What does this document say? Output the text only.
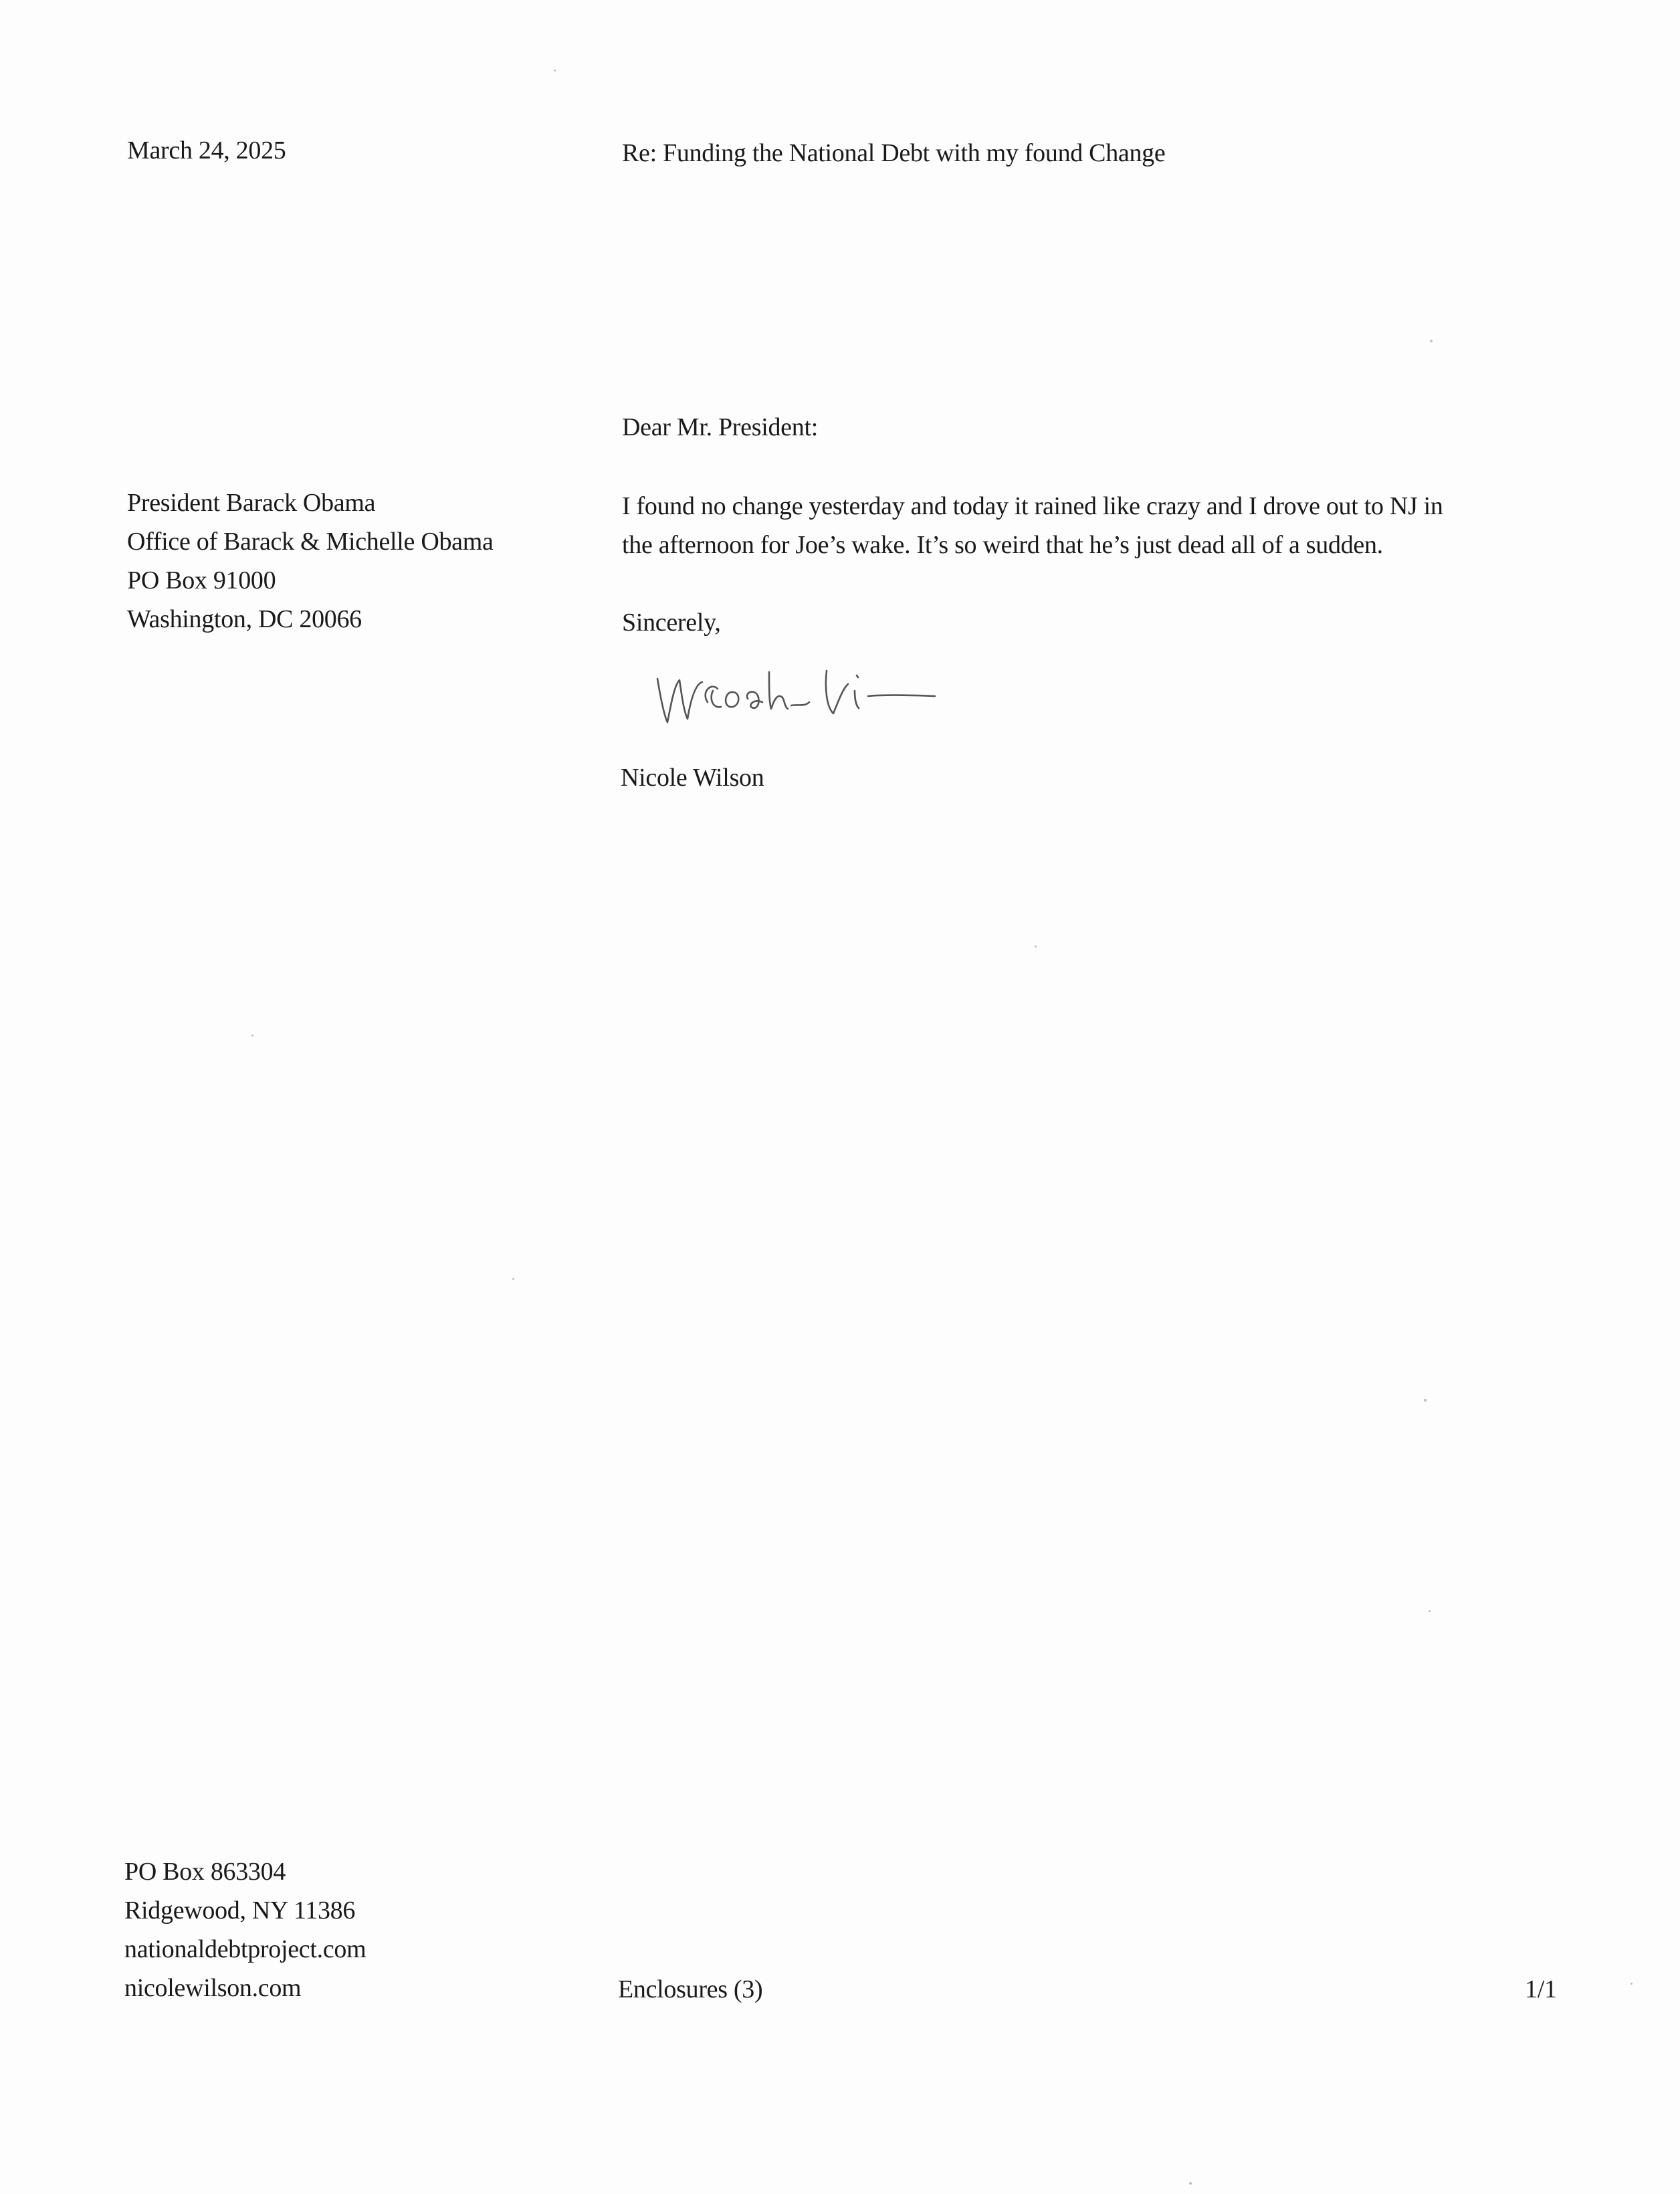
March 24, 2025	Re: Funding the National Debt with my found Change
Dear Mr. President:
President Barack Obama
Office of Barack & Michelle Obama
PO Box 91000
Washington, DC 20066
I found no change yesterday and today it rained like crazy and I drove out to NJ in
the afternoon for Joe’s wake. It’s so weird that he’s just dead all of a sudden.
Sincerely,
Nicole Wilson
PO Box 863304
Ridgewood, NY 11386
nationaldebtproject.com
nicolewilson.com	Enclosures (3)	1/1
